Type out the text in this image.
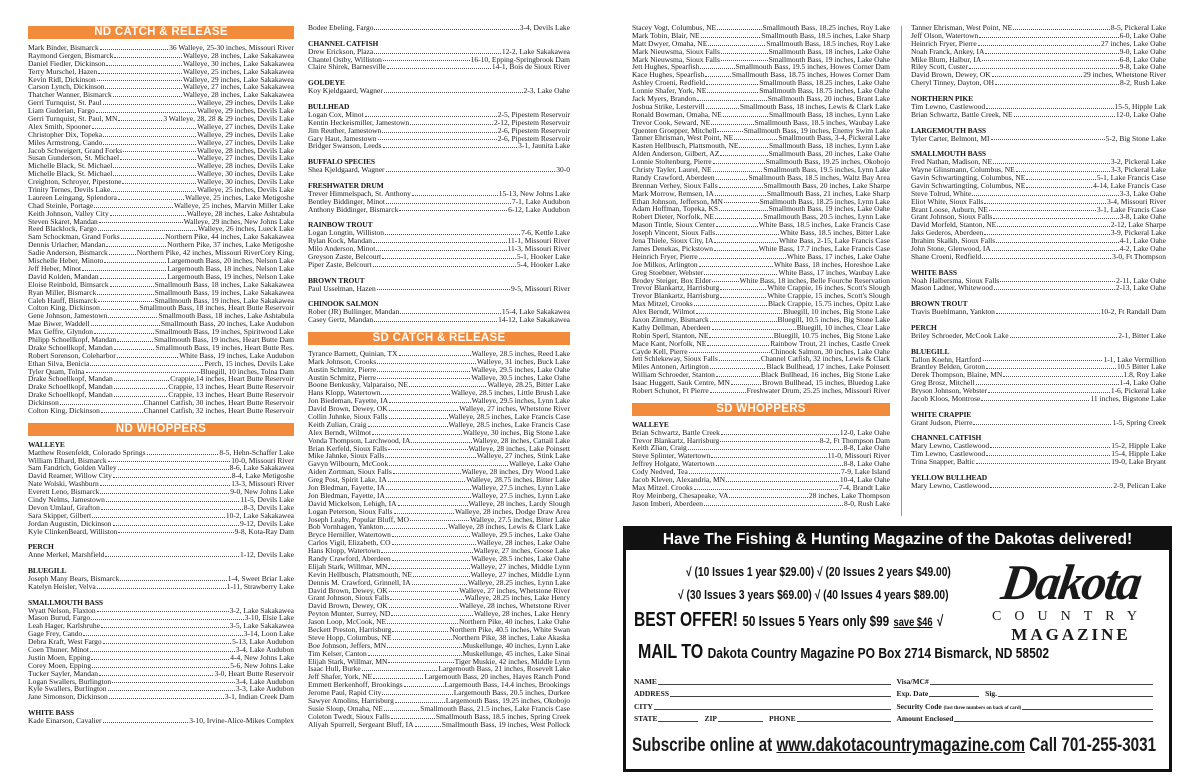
ND CATCH & RELEASE
Mark Binder, Bismarck	36 Walleye, 25-30 inches, Missouri River
Raymond Gergen, Bismarck	Walleye, 28 inches, Lake Sakakawea
Daniel Fiedler, Dickinson	Walleye, 30 inches, Lake Sakakawea
Terry Murschel, Hazen	Walleye, 25 inches, Lake Sakakawea
Kevin Ridl, Dickinson	Walleye, 29 inches, Lake Sakakawea
Carson Lynch, Dickinson	Walleye, 27 inches, Lake Sakakawea
Thatcher Wanner, Bismarck	Walleye, 28 inches, Lake Sakakawea
Gerri Turnquist, St. Paul	Walleye, 29 inches, Devils Lake
Liam Guderian, Fargo	Walleye, 29 inches, Devils Lake
Gerri Turnquist, St. Paul, MN	3 Walleye, 28, 28 & 29 inches, Devils Lake
Alex Smith, Spooner	Walleye, 27 inches, Devils Lake
Christopher Dix, Topeka	Walleye, 29 inches, Devils Lake
Miles Armstrong, Cando	Walleye, 27 inches, Devils Lake
Jacob Schweigert, Grand Forks	Walleye, 28 inches, Devils Lake
Susan Gunderson, St. Michael	Walleye, 27 inches, Devils Lake
Michelle Black, St. Michael	Walleye, 28 inches, Devils Lake
Michelle Black, St. Michael	Walleye, 30 inches, Devils Lake
Creighton, Schroyer, Pipestone	Walleye, 30 inches, Devils Lake
Trinity Ternes, Devils Lake	Walleye, 25 inches, Devils Lake
Laureen Leingang, Splendora	Walleye, 25 inches, Lake Metigoshe
Chad Steinle, Portage	Walleye, 25 inches, Marvin Miller Lake
Keith Johnson, Valley City	Walleye, 28 inches, Lake Ashtabula
Steven Skaret, Mandan	Walleye, 29 inches, New Johns Lake
Reed Blacklock, Fargo	Walleye, 26 inches, Lueck Lake
Sam Schockman, Grand Forks	Northern Pike, 44 inches, Lake Sakakawea
Dennis Urlacher, Mandan	Northern Pike, 37 inches, Lake Metigoshe
Sadie Anderson, Bismarck	Northern Pike, 42 inches, Missouri RiverCory King,
Mischelle Heber, Minoto	Largemouth Bass, 20 inches, Nelson Lake
Jeff Heber, Minot	Largemouth Bass, 18 inches, Nelson Lake
David Kolden, Mandan	Largemouth Bass, 19 inches, Nelson Lake
Eloise Reinbold, Bimsarck	Smallmouth Bass, 18 inches, Lake Sakakawea
Ryan Miller, Bismarck	Smallmouth Bass, 19 inches, Lake Sakakawea
Caleb Hauff, Bismarck	Smallmouth Bass, 19 inches, Lake Sakakawea
Colton King, Dickinson	Smallmouth Bass, 18 inches, Heart Butte Reservoir
Gene Johnson, Jamestown	Smallmouth Bass, 18 inches, Lake Ashtabula
Mae Biwer, Waddell	Smallmouth Bass, 20 inches, Lake Audubon
Max Geffre, Glyndon	Smallmouth Bass, 19 inches, Spiritwood Lake
Philipp Schoellkopf, Mandan	Smallmouth Bass, 19 inches, Heart Butte Dam
Drake Schoellkopf, Mandan	Smallmouth Bass, 19 inches, Heart Butte Res.
Robert Sorenson, Coleharbor	White Bass, 19 inches, Lake Audubon
Ethan Silva, Benicia	Perch, 15 inches, Devils Lake
Tyler Quam, Tolna	Bluegill, 10 inches, Tolna Dam
Drake Schoellkopf, Mandan	Crappie,14 inches, Heart Butte Reservoir
Drake Schoellkopf, Mandan	Crappie, 13 inches, Heart Butte Reservoir
Drake Schoellkopf, Mandan	Crappie, 13 inches, Heart Butte Reservoir
Dickinson	Channel Catfish, 30 inches, Heart Butte Reservoir
Colton King, Dickinson	Channel Catfish, 32 inches, Heart Butte Reservoir
ND WHOPPERS
WALLEYE
Matthew Rosenfeldt, Colorado Springs	8-5, Hehn-Schaffer Lake
William Elhard, Bismarck	10-0, Missouri River
Sam Fandrich, Golden Valley	8-6, Lake Sakakawea
David Reamer, Willow City	8-4, Lake Metigoshe
Nate Wolski, Washburn	13-3, Missouri River
Everett Leno, Bismarck	9-0, New Johns Lake
Cindy Nelms, Jamestown	11-5, Devils Lake
Devon Umlauf, Grafton	8-3, Devils Lake
Sara Skipper, Gilbert	10-2, Lake Sakakawea
Jordan Augustin, Dickinson	9-12, Devils Lake
Kyle ClinkenBeard, Williston	9-8, Kota-Ray Dam
PERCH
Anne Merkel, Marshfield	1-12, Devils Lake
BLUEGILL
Joseph Many Bears, Bismarck	1-4, Sweet Briar Lake
Katelyn Heisler, Velva	1-11, Strawberry Lake
SMALLMOUTH BASS
Wyatt Nelson, Flaxton	3-2, Lake Sakakawea
Mason Burud, Fargo	3-10, Elsie Lake
Leah Hager, Karlshruhe	3-5, Lake Sakakawea
Gage Frey, Cando	3-14, Loon Lake
Debra Kraft, West Fargo	5-13, Lake Audubon
Coen Thuner, Minot	3-4, Lake Audubon
Justin Moen, Epping	4-4, New Johns Lake
Corey Moen, Epping	5-6, New Johns Lake
Tucker Sayler, Mandan	3-0, Heart Butte Reservoir
Logan Swallers, Burlington	3-4, Lake Audubon
Kyle Swallers, Burlington	3-3, Lake Audubon
Jane Simonson, Dickinson	3-1, Indian Creek Dam
WHITE BASS
Kade Einarson, Cavalier	3-10, Irvine-Alice-Mikes Complex
Bodee Ebeling, Fargo	3-4, Devils Lake
CHANNEL CATFISH
Drew Erickson, Plaza	12-2, Lake Sakakawea
Chantel Ostby, Williston	16-10, Epping-Springbrook Dam
Claire Shirek, Barnesville	14-1, Bois de Sioux River
GOLDEYE
Koy Kjeldgaard, Wagner	2-3, Lake Oahe
BULLHEAD
Logan Cox, Minot	2-5, Pipestem Reservoir
Kentin Heckeismiller, Jamestown	2-12, Pipestem Reservoir
Jim Reuther, Jamestown	2-6, Pipestem Reservoir
Gary Haut, Jamestown	2-6, Pipestem Reservoir
Bridger Swanson, Leeds	3-1, Jaunita Lake
BUFFALO SPECIES
Shea Kjeldgaard, Wagner	30-0
FRESHWATER DRUM
Trever Himmelspach, St. Anthony	15-13, New Johns Lake
Bentley Biddinger, Minot	7-1, Lake Audubon
Anthony Biddinger, Bismarck	6-12, Lake Audubon
RAINBOW TROUT
Logan Longtin, Williston	7-6, Kettle Lake
Rylan Kock, Mandan	11-1, Missouri River
Milo Anderson, Minot	11-3, Missouri River
Greyson Zaste, Belcourt	5-1, Hooker Lake
Piper Zaste, Belcourt	5-4, Hooker Lake
BROWN TROUT
Paul Usselman, Hazen	9-5, Missouri River
CHINOOK SALMON
Rober (JR) Bullinger, Mandan	15-4, Lake Sakakawea
Casey Gertz, Mandan	14-12, Lake Sakakawea
SD CATCH & RELEASE
Tyrance Barnett, Quinian, TX	Walleye, 28.5 inches, Reed Lake
Mark Johnson, Crooks	Walleye, 31 inches, Buck Lake
Austin Schmitz, Pierre	Walleye, 29.5 inches, Lake Oahe
Austin Schmitz, Pierre	Walleye, 30.5 inches, Lake Oahe
Boone Benkusky, Valparaiso, NE	Walleye, 28.25, Bitter Lake
Hans Klopp, Watertown	Walleye, 28.5 inches, Little Brush Lake
Jon Biedeman, Fayette, IA	Walleye, 29.5 inches, Lynn Lake
David Brown, Dewey, OK	Walleye, 27 inches, Whetstone River
Collin Juhnke, Sioux Falls	Walleye, 28.5 inches, Lake Francis Case
Keith Zulian, Craig	Walleye, 28.5 inches, Lake Francis Case
Alex Berndt, Wilmot	Walleye, 30 inches, Big Stone Lake
Vonda Thompson, Larchwood, IA	Walleye, 28 inches, Cattail Lake
Brian Kerfeld, Sioux Falls	Walleye, 28 inches, Lake Poinsett
Mike Jahnke, Sioux Falls	Walleye, 27 inches, Stink Lake
Gavyn Wilbourn, McCook	Walleye, Lake Oahe
Aiden Zortman, Sioux Falls	Walleye, 28 inches, Dry Wood Lake
Greg Post, Spirit Lake, IA	Walleye, 28.75 inches, Bitter Lake
Jon Bledman, Fayette, IA	Walleye, 27.5 inches, Lynn Lake
Jon Bledman, Fayette, IA	Walleye, 27.5 inches, Lynn Lake
David Mickelson, Lehigh, IA	Walleye, 28 inches, Lardy Slough
Logan Peterson, Sioux Falls	Walleye, 28 inches, Dodge Draw Area
Joseph Leahy, Popular Bluff, MO	Walleye, 27.5 inches, Bitter Lake
Bob Vornhagen, Yankton	Walleye, 28 inches, Lewis & Clark Lake
Bryce Herniller, Watertown	Walleye, 29.5 inches, Lake Oahe
Carlos Vigil, Elizabeth, CO	Walleye, 28 inches, Lake Oahe
Hans Klopp, Watertown	Walleye, 27 inches, Goose Lake
Randy Crawford, Aberdeen	Walleye, 28.5 inches, Lake Oahe
Elijah Stark, Willmar, MN	Walleye, 27 inches, Middle Lynn
Kevin Hellbusch, Plattsmouth, NE	Walleye, 27 inches, Middle Lynn
Dennis M. Crawford, Grinnell, IA	Walleye, 28.25 inches, Lynn Lake
David Brown, Dewey, OK	Walleye, 27 inches, Whetstone River
Grant Johnson, Sioux Falls	Walleye, 28.25 inches, Lake Henry
David Brown, Dewey, OK	Walleye, 28 inches, Whetstone River
Peyton Munter, Surrey, ND	Walleye, 28 inches, Lake Henry
Jason Loop, McCook, NE	Northern Pike, 40 inches, Lake Oahe
Beckett Preston, Harrisburg	Northern Pike, 40.5 inches, White Swan
Steve Hopp, Columbus, NE	Northern Pike, 38 inches, Lake Akaska
Boe Johnson, Jeffers, MN	Muskellunge, 40 inches, Lynn Lake
Tim Kelser, Canton	Muskellunge, 45 inches, Lake Sinai
Elijah Stark, Willmar, MN	Tiger Muskie, 42 inches, Middle Lynn
Isaac Hull, Burke	Largemouth Bass, 21 inches, Rosevelt Lake
Jeff Shafer, York, NE	Largemouth Bass, 20 inches, Hayes Ranch Pond
Emmett Berkenhoff, Brookings	Largemouth Bass, 14.4 inches, Brookings
Jerome Paul, Rapid City	Largemouth Bass, 20.5 inches, Durkee
Sawyer Amolins, Harrisburg	Largemouth Bass, 19.25 inches, Okobojo
Susie Sloup, Omaha, NE	Smallmouth Bass, 21.5 inches, Lake Francis Case
Coleton Twedt, Sioux Falls	Smallmouth Bass, 18.5 inches, Spring Creek
Aliyah Spurrell, Sergeant Bluff, IA	Smallmouth Bass, 19 inches, West Pollock
Stacey Vogt, Columbus, NE	Smallmouth Bass, 18.25 inches, Roy Lake
Mark Tobin, Blair, NE	Smallmouth Bass, 18.5 inches, Lake Sharp
Matt Dwyer, Omaha, NE	Smallmouth Bass, 18.5 inches, Roy Lake
Mark Nieuwsma, Sioux Falls	Smallmouth Bass, 18 inches, Lake Oahe
Mark Nieuwsma, Sioux Falls	Smallmouth Bass, 19 inches, Lake Oahe
Jett Hughes, Spearfish	Smallmouth Bass, 19.5 inches, Howes Corner Dam
Kace Hughes, Spearfish	Smallmouth Bass, 18.75 inches, Howes Corner Dam
Ashley Croeni, Redfield	Smallmouth Bass, 18.25 inches, Lake Oahe
Lonnie Shafer, York, NE	Smallmouth Bass, 18.75 inches, Lake Oahe
Jack Myers, Brandon	Smallmouth Bass, 20 inches, Brant Lake
Joshua Strike, Lestervill	Smallmouth Bass, 18 inches, Lewis & Clark Lake
Ronald Bowman, Omaha, NE	Smallmouth Bass, 18 inches, Lynn Lake
Trevor Cook, Seward, NE	Smallmouth Bass, 18.5 inches, Waubay Lake
Quenten Groepper, Mitchell	Smallmouth Bass, 19 inches, Enemy Swim Lake
Tanner Ehrisman, West Point, NE	Smallmouth Bass, 3-4, Pickeral Lake
Kasten Hellbusch, Plattsmouth, NE	Smallmouth Bass, 18 inches, Lynn Lake
Alden Anderson, Gilbert, AZ	Smallmouth Bass, 20 inches, Lake Oahe
Lonnie Stoltenburg, Pierre	Smallmouth Bass, 19.25 inches, Okobojo
Christy Tayler, Laurel, NE	Smallmouth Bass, 19.5 inches, Lynn Lake
Randy Crawford, Aberdeen	Smallmouth Bass, 18.5 inches, Waltz Bay Area
Brennan Verhey, Sioux Falls	Smallmouth Bass, 20 inches, Lake Sharpe
Mark Morrow, Remsen, IA	Smallmouth Bass, 21 inches, Lake Sharp
Ethan Johnson, Jefferson, MN	Smallmouth Bass, 18.25 inches, Lynn Lake
Adam Hoffman, Topeka, KS	Smallmouth Bass, 19 inches, Lake Oahe
Robert Dieter, Norfolk, NE	Smallmouth Bass, 20.5 inches, Lynn Lake
Mason Tintle, Sioux Center	White Bass, 18.5 inches, Lake Francis Case
Joseph Vincent, Sioux Falls	White Bass, 18.5 inches, Bitter Lake
Jena Thiele, Sioux City, IA	White Bass, 2-15, Lake Francis Case
James Denekas, Pickstown	White Bass, 17.7 inches, Lake Francis Case
Heinrich Fryer, Pierre	White Bass, 17 inches, Lake Oahe
Joe Milkos, Arlington	White Bass, 18 inches, Horeshoe Lake
Greg Stoebner, Webster	White Bass, 17 inches, Waubay Lake
Brodey Steiger, Box Elder	White Bass, 18 inches, Belle Fourche Reservation
Trevor Blankartz, Harrisburg	White Crappie, 16 inches, Scott's Slough
Trevor Blankartz, Harrisburg	White Crappie, 15 inches, Scott's Slough
Max Mitzel, Crooks	Black Crappie, 15.75 inches, Opitz Lake
Alex Berndt, Wilmot	Bluegill, 10 inches, Big Stone Lake
Jaxon Zimmey, Bismarck	Bluegill, 10.5 inches, Big Stone Lake
Kathy Dellman, Aberdeen	Bluegill, 10 inches, Clear Lake
Robin Sperl, Stanton, NE	Bluegill, 10.75 inches, Big Stone Lake
Mace Kant, Norfolk, NE	Rainbow Trout, 21 inches, Castle Creek
Cayde Kell, Pierre	Chinook Salmon, 30 inches, Lake Oahe
Jett Schlekeway, Sioux Falls	Channel Catfish, 32 inches, Lewis & Clark
Miles Antonen, Arlington	Black Bullhead, 17 inches, Lake Poinsett
William Schroeder, Stanton	Black Bullhead, 16 inches, Big Stone Lake
Isaac Huggett, Sauk Centre, MN	Brown Bullhead, 15 inches, Bluedog Lake
Robert Schunot, Ft Pierre	Freshwater Drum, 25.25 inches, Missouri River
SD WHOPPERS
WALLEYE
Brian Schwartz, Battle Creek	12-0, Lake Oahe
Trevor Blankartz, Harrisburg	8-2, Ft Thompson Dam
Keith Zlian, Craig	8-8, Lake Oahe
Steve Splinter, Watertown	11-0, Missouri River
Jeffrey Holgate, Watertown	8-8, Lake Oahe
Cody Nedved, Tea	7-9, Lake Island
Jacob Kleven, Alexandria, MN	10-4, Lake Oahe
Max Mitzel. Crooks	7-4, Brandt Lake
Roy Meinberg, Chesapeake, VA	28 inches, Lake Thompson
Jason Imberi, Aberdeen	8-0, Rush Lake
Tanner Ehrisman, West Point, NE	8-5, Pickeral Lake
Jeff Olson, Watertown	6-0, Lake Oahe
Heinrich Fryer, Pierre	27 inches, Lake Oahe
Noah Franck, Ankey, IA	9-0, Lake Oahe
Mike Blum, Halbur, IA	6-8, Lake Oahe
Riley Scott, Custer	9-8, Lake Oahe
David Brown, Dewey, OK	29 inches, Whetstone River
Cheryl Tinney, Dayton, OH	8-2, Rush Lake
NORTHERN PIKE
Tim Lewno, Castlewood	15-5, Hipple Lak
Brian Schwartz, Battle Creek, NE	12-0, Lake Oahe
LARGEMOUTH BASS
Tyler Carter, Belmont, MI	5-2, Big Stone Lake
SMALLMOUTH BASS
Fred Nathan, Madison, NE	3-2, Pickeral Lake
Wayne Glinsmann, Columbus, NE	3-3, Pickeral Lake
Gavin Schwartingting, Columbus, NE	5-1, Lake Francis Case
Gavin Schwartingting, Columbus, NE	4-14, Lake Francis Case
Steve Tolrud, White	3-3, Lake Oahe
Eliot White, Sioux Falls	3-4, Missouri River
Brant Loose, Auburn, NE	3-1, Lake Francis Case
Grant Johnson, Sioux Falls	3-8, Lake Oahe
David Morfeld, Stanton, NE	2-12, Lake Sharpe
Jaks Gederos, Aberdeen	3-9, Pickeral Lake
Ibrahim Skalkh, Sioux Falls	4-1, Lake Oahe
John Stone, Glenwood, IA	4-2, Lake Oahe
Shane Croeni, Redfield	3-0, Ft Thompson
WHITE BASS
Noah Halbersma, Sioux Falls	2-11, Lake Oahe
Mason Ladner, Whitewood	2-13, Lake Oahe
BROWN TROUT
Travis Buehlmann, Yankton	10-2, Ft Randall Dam
PERCH
Briley Schroeder, McCook Lake	2-1, Bitter Lake
BLUEGILL
Tallon Koehn, Hartford	1-1, Lake Vermillion
Brantley Belden, Groton	10.5 Bitter Lake
Derek Thompson, Blaine, MN	1.8, Roy Lake
Greg Brosz, Mitchell	1-4, Lake Oahe
Bryson Johnson, Webster	1-6, Pickeral Lake
Jacob Kloos, Montrose	11 inches, Bigstone Lake
WHITE CRAPPIE
Grant Judson, Pierre	1-5, Spring Creek
CHANNEL CATFISH
Mary Lewno, Castlewood	15-2, Hipple Lake
Tim Lewno, Castlewood	15-4, Hipple Lake
Trina Snapper, Baltic	19-0, Lake Bryant
YELLOW BULLHEAD
Mary Lewno, Castlewood	2-9, Pelican Lake
Have The Fishing & Hunting Magazine of the Dakotas delivered!
√ (10 Issues 1 year $29.00) √ (20 Issues 2 years $49.00)
√ (30 Issues 3 years $69.00) √ (40 Issues 4 years $89.00)
BEST OFFER! 50 Issues 5 Years only $99 save $46 √
MAIL TO Dakota Country Magazine PO Box 2714 Bismarck, ND 58502
Dakota
COUNTRY
MAGAZINE
NAME	Visa/MC#
ADDRESS	Exp. Date	Sig.
CITY	Security Code
(last three numbers on back of card)
STATE	ZIP	PHONE	Amount Enclosed
Subscribe online at www.dakotacountrymagazine.com Call 701-255-3031
